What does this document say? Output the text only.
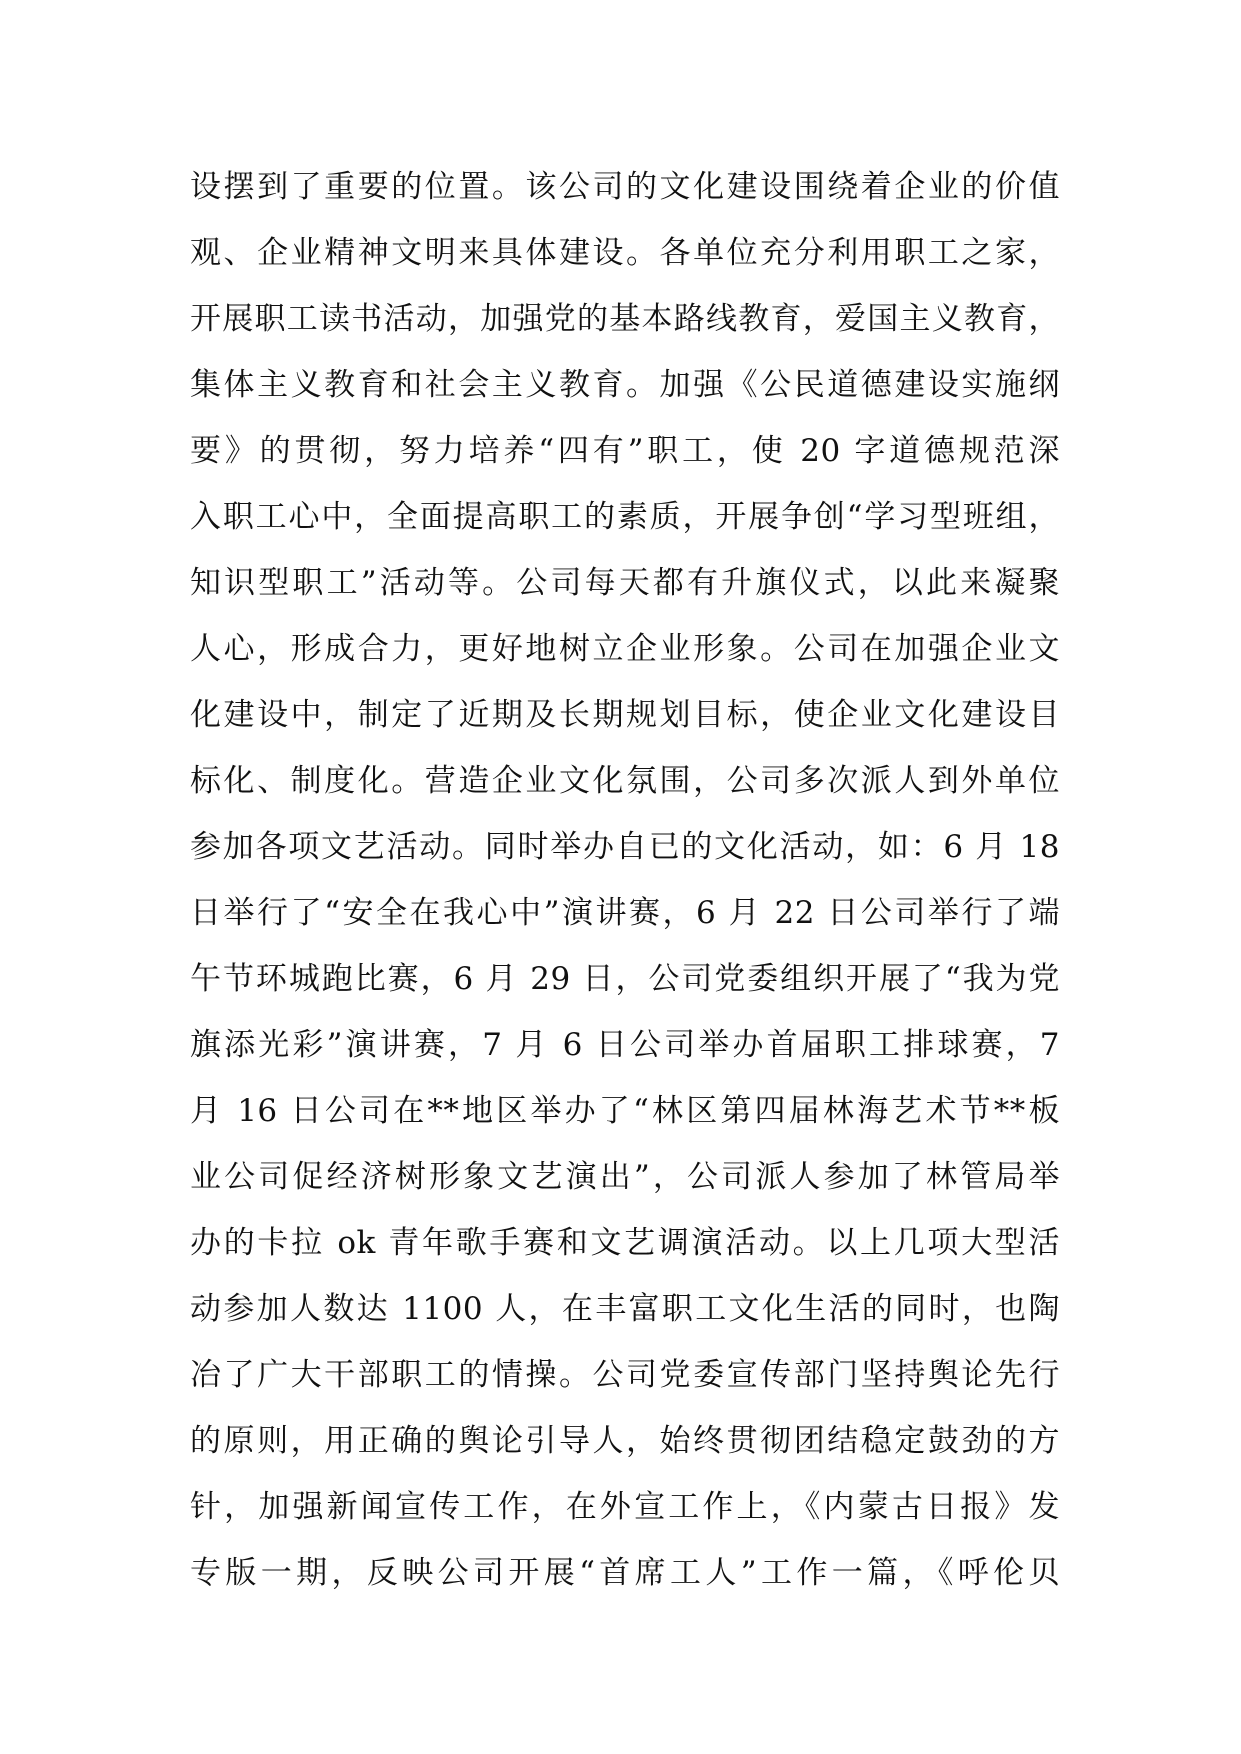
设摆到了重要的位置。该公司的文化建设围绕着企业的价值
观、企业精神文明来具体建设。各单位充分利用职工之家，
开展职工读书活动，加强党的基本路线教育，爱国主义教育，
集体主义教育和社会主义教育。加强《公民道德建设实施纲
要》的贯彻，努力培养“四有”职工，使 20 字道德规范深
入职工心中，全面提高职工的素质，开展争创“学习型班组，
知识型职工”活动等。公司每天都有升旗仪式，以此来凝聚
人心，形成合力，更好地树立企业形象。公司在加强企业文
化建设中，制定了近期及长期规划目标，使企业文化建设目
标化、制度化。营造企业文化氛围，公司多次派人到外单位
参加各项文艺活动。同时举办自已的文化活动，如：6 月 18
日举行了“安全在我心中”演讲赛，6 月 22 日公司举行了端
午节环城跑比赛，6 月 29 日，公司党委组织开展了“我为党
旗添光彩”演讲赛，7 月 6 日公司举办首届职工排球赛，7
月 16 日公司在**地区举办了“林区第四届林海艺术节**板
业公司促经济树形象文艺演出”，公司派人参加了林管局举
办的卡拉 ok 青年歌手赛和文艺调演活动。以上几项大型活
动参加人数达 1100 人，在丰富职工文化生活的同时，也陶
冶了广大干部职工的情操。公司党委宣传部门坚持舆论先行
的原则，用正确的舆论引导人，始终贯彻团结稳定鼓劲的方
针，加强新闻宣传工作，在外宣工作上，《内蒙古日报》发
专版一期，反映公司开展“首席工人”工作一篇，《呼伦贝
